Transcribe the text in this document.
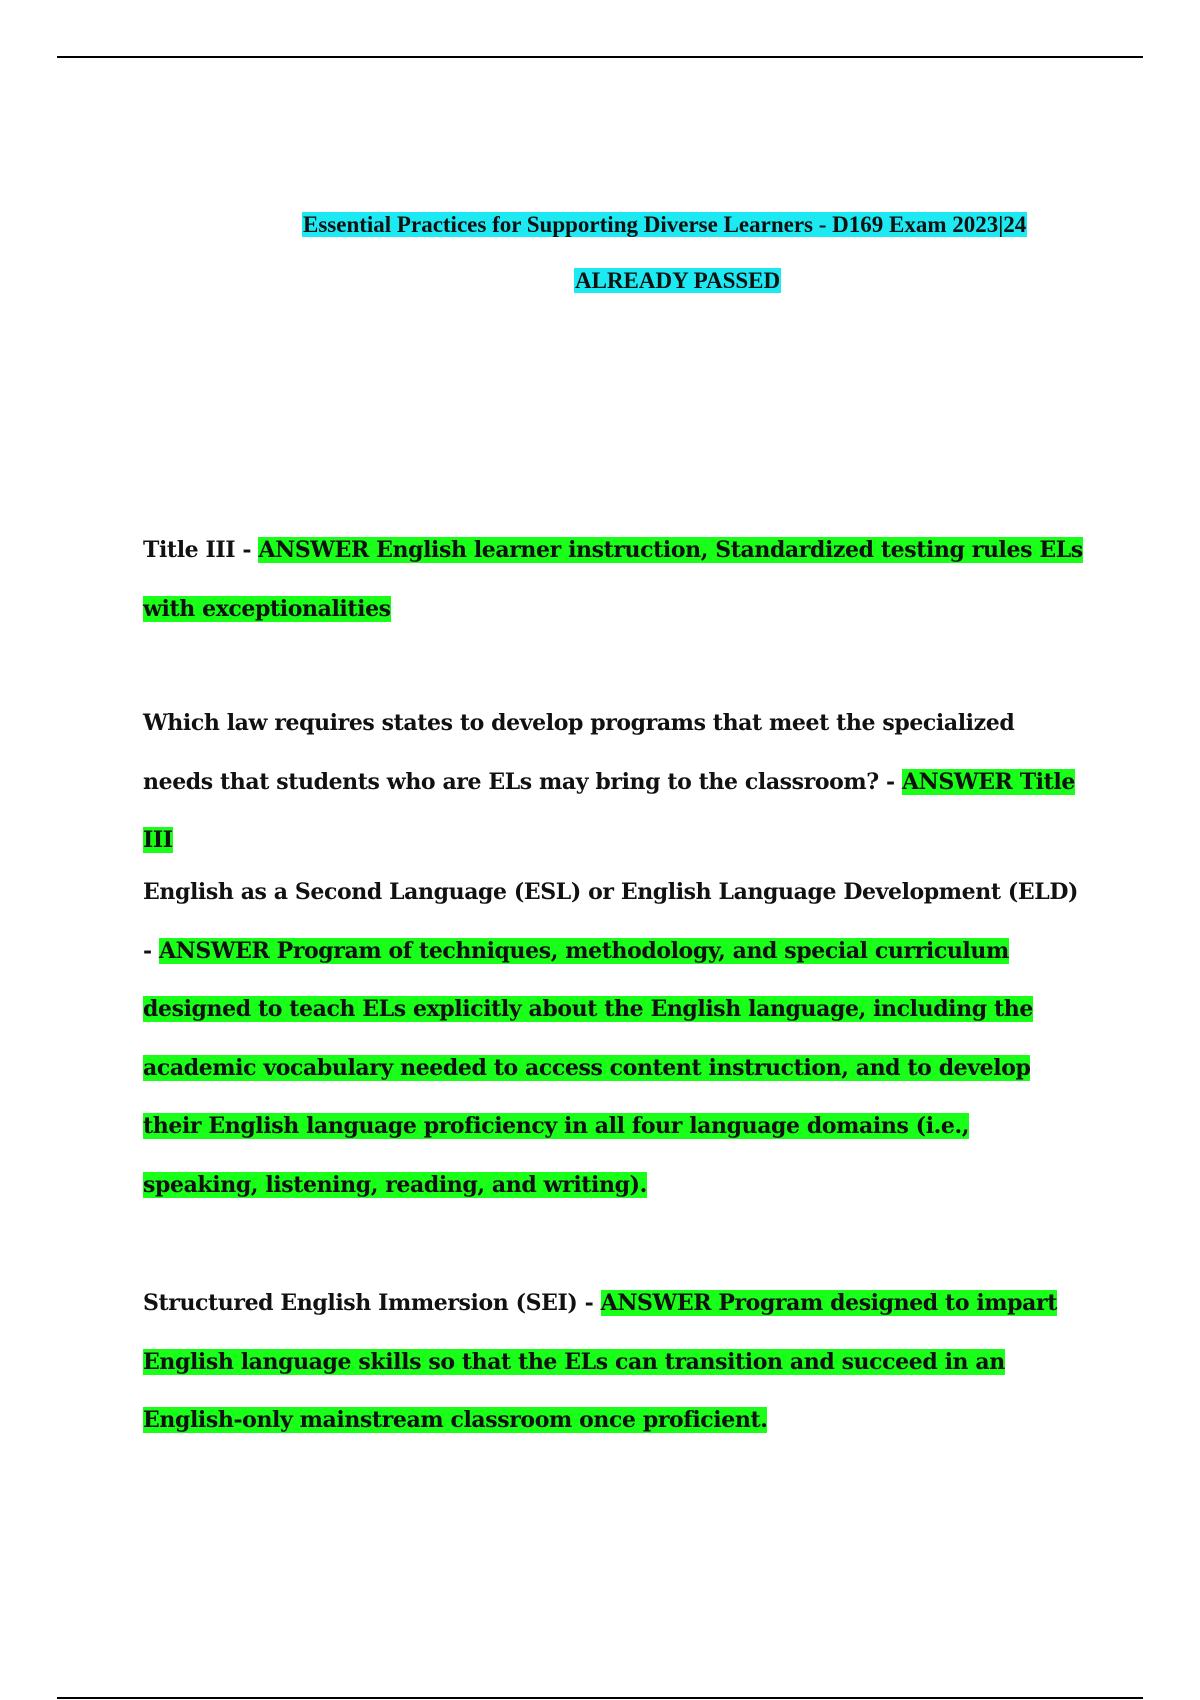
Essential Practices for Supporting Diverse Learners - D169 Exam 2023|24
ALREADY PASSED
Title III - ANSWER English learner instruction, Standardized testing rules ELs with exceptionalities
Which law requires states to develop programs that meet the specialized needs that students who are ELs may bring to the classroom? - ANSWER Title III
English as a Second Language (ESL) or English Language Development (ELD) - ANSWER Program of techniques, methodology, and special curriculum designed to teach ELs explicitly about the English language, including the academic vocabulary needed to access content instruction, and to develop their English language proficiency in all four language domains (i.e., speaking, listening, reading, and writing).
Structured English Immersion (SEI) - ANSWER Program designed to impart English language skills so that the ELs can transition and succeed in an English-only mainstream classroom once proficient.
